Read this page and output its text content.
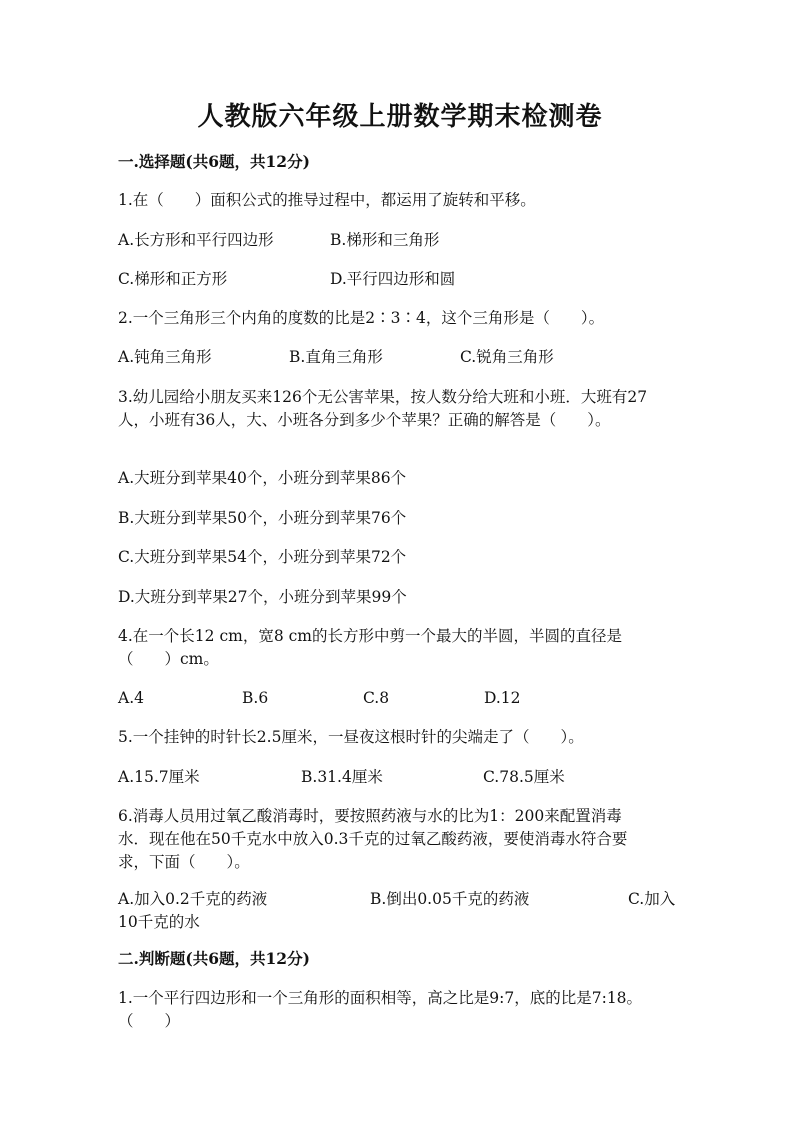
人教版六年级上册数学期末检测卷
一.选择题(共6题，共12分)
1.在（　　）面积公式的推导过程中，都运用了旋转和平移。
A.长方形和平行四边形	B.梯形和三角形
C.梯形和正方形	D.平行四边形和圆
2.一个三角形三个内角的度数的比是2∶3∶4，这个三角形是（　　）。
A.钝角三角形	B.直角三角形	C.锐角三角形
3.幼儿园给小朋友买来126个无公害苹果，按人数分给大班和小班．大班有27
人，小班有36人，大、小班各分到多少个苹果？正确的解答是（　　）。
A.大班分到苹果40个，小班分到苹果86个
B.大班分到苹果50个，小班分到苹果76个
C.大班分到苹果54个，小班分到苹果72个
D.大班分到苹果27个，小班分到苹果99个
4.在一个长12 cm，宽8 cm的长方形中剪一个最大的半圆，半圆的直径是
（　　）cm。
A.4	B.6	C.8	D.12
5.一个挂钟的时针长2.5厘米，一昼夜这根时针的尖端走了（　　）。
A.15.7厘米	B.31.4厘米	C.78.5厘米
6.消毒人员用过氧乙酸消毒时，要按照药液与水的比为1：200来配置消毒
水．现在他在50千克水中放入0.3千克的过氧乙酸药液，要使消毒水符合要
求，下面（　　）。
A.加入0.2千克的药液	B.倒出0.05千克的药液	C.加入
10千克的水
二.判断题(共6题，共12分)
1.一个平行四边形和一个三角形的面积相等，高之比是9:7，底的比是7:18。
（　　）
